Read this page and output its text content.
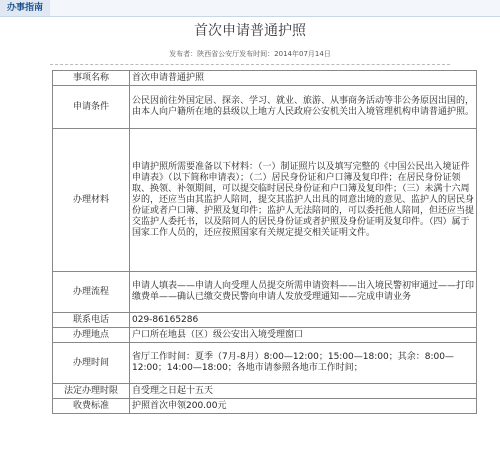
办事指南
首次申请普通护照
发布者：陕西省公安厅发布时间：2014年07月14日
事项名称	首次申请普通护照
申请条件	公民因前往外国定居、探亲、学习、就业、旅游、从事商务活动等非公务原因出国的，由本人向户籍所在地的县级以上地方人民政府公安机关出入境管理机构申请普通护照。
办理材料	申请护照所需要准备以下材料：（一）制证照片以及填写完整的《中国公民出入境证件申请表》（以下简称申请表）；（二）居民身份证和户口簿及复印件；在居民身份证领取、换领、补领期间，可以提交临时居民身份证和户口簿及复印件；（三）未满十六周岁的，还应当由其监护人陪同，提交其监护人出具的同意出境的意见、监护人的居民身份证或者户口簿、护照及复印件；监护人无法陪同的，可以委托他人陪同，但还应当提交监护人委托书，以及陪同人的居民身份证或者护照及身份证明及复印件。（四）属于国家工作人员的，还应按照国家有关规定提交相关证明文件。
办理流程	申请人填表——申请人向受理人员提交所需申请资料——出入境民警初审通过——打印缴费单——确认已缴交费民警向申请人发放受理通知——完成申请业务
联系电话	029-86165286
办理地点	户口所在地县（区）级公安出入境受理窗口
办理时间	省厅工作时间：夏季（7月-8月）8:00—12:00；15:00—18:00；其余：8:00—12:00；14:00—18:00；各地市请参照各地市工作时间；
法定办理时限	自受理之日起十五天
收费标准	护照首次申领200.00元
